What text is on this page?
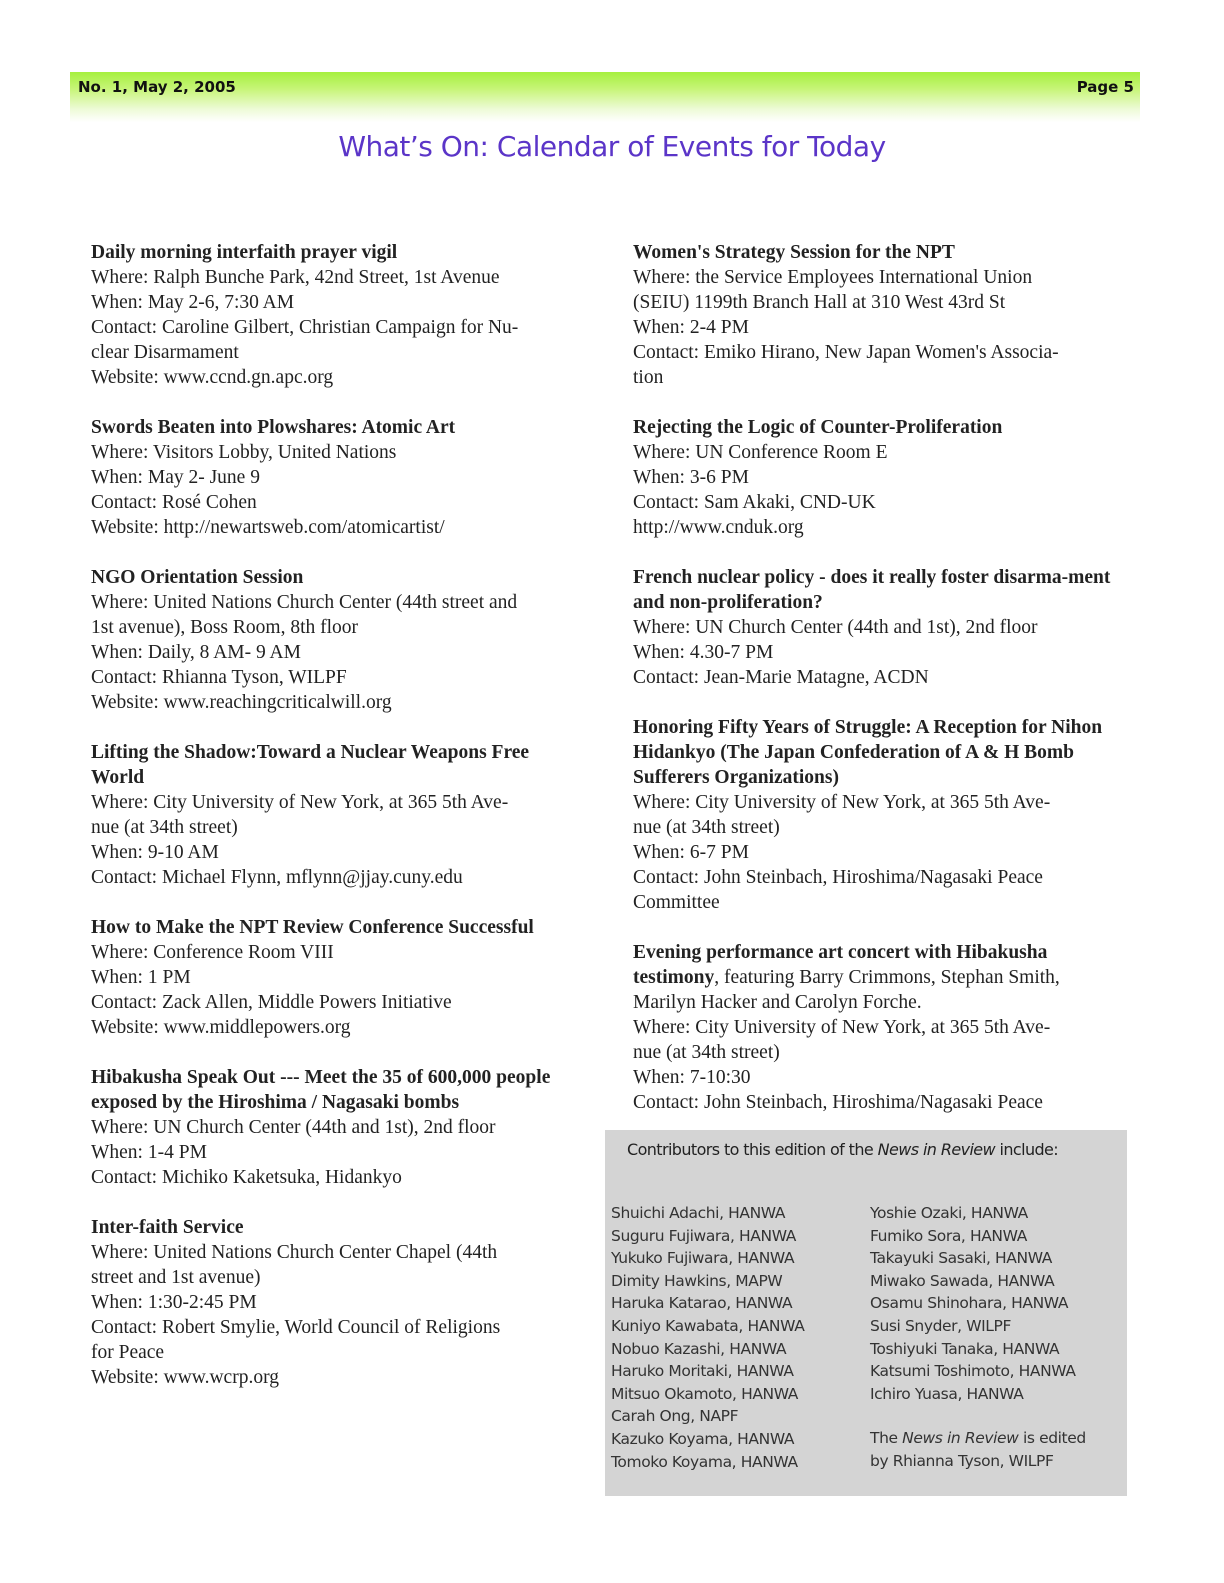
No. 1, May 2, 2005	Page 5
What’s On: Calendar of Events for Today
Daily morning interfaith prayer vigil
Where: Ralph Bunche Park, 42nd Street, 1st Avenue
When: May 2-6, 7:30 AM
Contact: Caroline Gilbert, Christian Campaign for Nu-
clear Disarmament
Website: www.ccnd.gn.apc.org
Swords Beaten into Plowshares: Atomic Art
Where: Visitors Lobby, United Nations
When: May 2- June 9
Contact: Rosé Cohen
Website: http://newartsweb.com/atomicartist/
NGO Orientation Session
Where: United Nations Church Center (44th street and
1st avenue), Boss Room, 8th floor
When: Daily, 8 AM- 9 AM
Contact: Rhianna Tyson, WILPF
Website: www.reachingcriticalwill.org
Lifting the Shadow:Toward a Nuclear Weapons Free World
Where: City University of New York, at 365 5th Ave-
nue (at 34th street)
When: 9-10 AM
Contact: Michael Flynn, mflynn@jjay.cuny.edu
How to Make the NPT Review Conference Successful
Where: Conference Room VIII
When: 1 PM
Contact: Zack Allen, Middle Powers Initiative
Website: www.middlepowers.org
Hibakusha Speak Out --- Meet the 35 of 600,000 people exposed by the Hiroshima / Nagasaki bombs
Where: UN Church Center (44th and 1st), 2nd floor
When: 1-4 PM
Contact: Michiko Kaketsuka, Hidankyo
Inter-faith Service
Where: United Nations Church Center Chapel (44th
street and 1st avenue)
When: 1:30-2:45 PM
Contact: Robert Smylie, World Council of Religions
for Peace
Website: www.wcrp.org
Women's Strategy Session for the NPT
Where: the Service Employees International Union
(SEIU) 1199th Branch Hall at 310 West 43rd St
When: 2-4 PM
Contact: Emiko Hirano, New Japan Women's Associa-
tion
Rejecting the Logic of Counter-Proliferation
Where: UN Conference Room E
When: 3-6 PM
Contact: Sam Akaki, CND-UK
http://www.cnduk.org
French nuclear policy - does it really foster disarma-ment and non-proliferation?
Where: UN Church Center (44th and 1st), 2nd floor
When: 4.30-7 PM
Contact: Jean-Marie Matagne, ACDN
Honoring Fifty Years of Struggle: A Reception for Nihon Hidankyo (The Japan Confederation of A & H Bomb Sufferers Organizations)
Where: City University of New York, at 365 5th Ave-
nue (at 34th street)
When: 6-7 PM
Contact: John Steinbach, Hiroshima/Nagasaki Peace
Committee
Evening performance art concert with Hibakusha testimony, featuring Barry Crimmons, Stephan Smith, Marilyn Hacker and Carolyn Forche.
Where: City University of New York, at 365 5th Ave-
nue (at 34th street)
When: 7-10:30
Contact: John Steinbach, Hiroshima/Nagasaki Peace
Contributors to this edition of the News in Review include:
Shuichi Adachi, HANWA
Suguru Fujiwara, HANWA
Yukuko Fujiwara, HANWA
Dimity Hawkins, MAPW
Haruka Katarao, HANWA
Kuniyo Kawabata, HANWA
Nobuo Kazashi, HANWA
Haruko Moritaki, HANWA
Mitsuo Okamoto, HANWA
Carah Ong, NAPF
Kazuko Koyama, HANWA
Tomoko Koyama, HANWA
Yoshie Ozaki, HANWA
Fumiko Sora, HANWA
Takayuki Sasaki, HANWA
Miwako Sawada, HANWA
Osamu Shinohara, HANWA
Susi Snyder, WILPF
Toshiyuki Tanaka, HANWA
Katsumi Toshimoto, HANWA
Ichiro Yuasa, HANWA
The News in Review is edited
by Rhianna Tyson, WILPF
